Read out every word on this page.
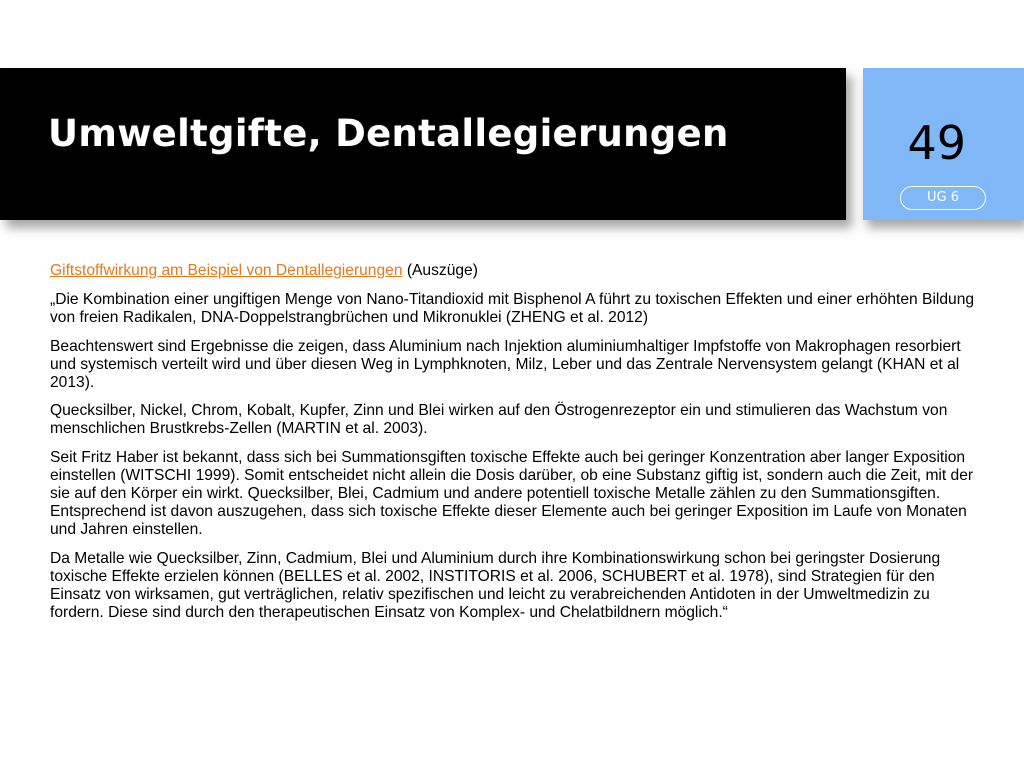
Umweltgifte, Dentallegierungen	49
UG 6

Giftstoffwirkung am Beispiel von Dentallegierungen (Auszüge)

„Die Kombination einer ungiftigen Menge von Nano-Titandioxid mit Bisphenol A führt zu toxischen Effekten und einer erhöhten Bildung von freien Radikalen, DNA-Doppelstrangbrüchen und Mikronuklei (ZHENG et al. 2012)

Beachtenswert sind Ergebnisse die zeigen, dass Aluminium nach Injektion aluminiumhaltiger Impfstoffe von Makrophagen resorbiert und systemisch verteilt wird und über diesen Weg in Lymphknoten, Milz, Leber und das Zentrale Nervensystem gelangt (KHAN et al 2013).

Quecksilber, Nickel, Chrom, Kobalt, Kupfer, Zinn und Blei wirken auf den Östrogenrezeptor ein und stimulieren das Wachstum von menschlichen Brustkrebs-Zellen (MARTIN et al. 2003).

Seit Fritz Haber ist bekannt, dass sich bei Summationsgiften toxische Effekte auch bei geringer Konzentration aber langer Exposition einstellen (WITSCHI 1999). Somit entscheidet nicht allein die Dosis darüber, ob eine Substanz giftig ist, sondern auch die Zeit, mit der sie auf den Körper ein wirkt. Quecksilber, Blei, Cadmium und andere potentiell toxische Metalle zählen zu den Summationsgiften. Entsprechend ist davon auszugehen, dass sich toxische Effekte dieser Elemente auch bei geringer Exposition im Laufe von Monaten und Jahren einstellen.

Da Metalle wie Quecksilber, Zinn, Cadmium, Blei und Aluminium durch ihre Kombinationswirkung schon bei geringster Dosierung toxische Effekte erzielen können (BELLES et al. 2002, INSTITORIS et al. 2006, SCHUBERT et al. 1978), sind Strategien für den Einsatz von wirksamen, gut verträglichen, relativ spezifischen und leicht zu verabreichenden Antidoten in der Umweltmedizin zu fordern. Diese sind durch den therapeutischen Einsatz von Komplex- und Chelatbildnern möglich.“
